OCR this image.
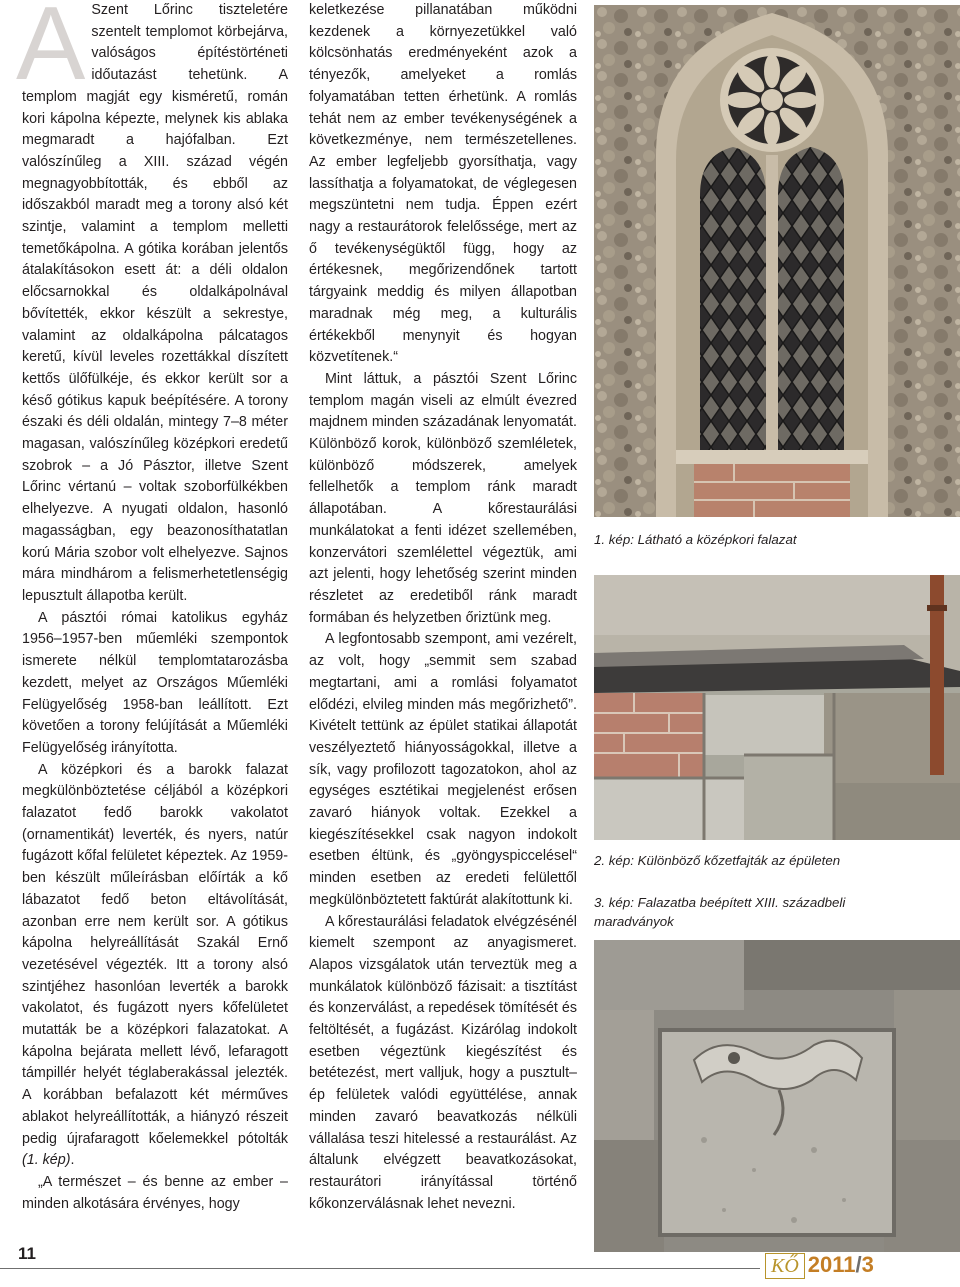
A Szent Lőrinc tiszteletére szentelt templomot körbejárva, valóságos építéstörténeti időutazást tehetünk. A templom magját egy kisméretű, román kori kápolna képezte, melynek kis ablaka megmaradt a hajófalban. Ezt valószínűleg a XIII. század végén megnagyobbították, és ebből az időszakból maradt meg a torony alsó két szintje, valamint a templom melletti temetőkápolna. A gótika korában jelentős átalakításokon esett át: a déli oldalon előcsarnokkal és oldalkápolnával bővítették, ekkor készült a sekrestye, valamint az oldalkápolna pálcatagos keretű, kívül leveles rozettákkal díszített kettős ülőfülkéje, és ekkor került sor a késő gótikus kapuk beépítésére. A torony északi és déli oldalán, mintegy 7–8 méter magasan, valószínűleg középkori eredetű szobrok – a Jó Pásztor, illetve Szent Lőrinc vértanú – voltak szoborfülkékben elhelyezve. A nyugati oldalon, hasonló magasságban, egy beazonosíthatatlan korú Mária szobor volt elhelyezve. Sajnos mára mindhárom a felismerhetetlenségig lepusztult állapotba került.

A pásztói római katolikus egyház 1956–1957-ben műemléki szempontok ismerete nélkül templomtatarozásba kezdett, melyet az Országos Műemléki Felügyelőség 1958-ban leállított. Ezt követően a torony felújítását a Műemléki Felügyelőség irányította.

A középkori és a barokk falazat megkülönböztetése céljából a középkori falazatot fedő barokk vakolatot (ornamentikát) leverték, és nyers, natúr fugázott kőfal felületet képeztek. Az 1959-ben készült műleírásban előírták a kő lábazatot fedő beton eltávolítását, azonban erre nem került sor. A gótikus kápolna helyreállítását Szakál Ernő vezetésével végezték. Itt a torony alsó szintjéhez hasonlóan leverték a barokk vakolatot, és fugázott nyers kőfelületet mutatták be a középkori falazatokat. A kápolna bejárata mellett lévő, lefaragott támpillér helyét téglaberakással jelezték. A korábban befalazott két mérműves ablakot helyreállították, a hiányzó részeit pedig újrafaragott kőelemekkel pótolták (1. kép).

„A természet – és benne az ember – minden alkotására érvényes, hogy

keletkezése pillanatában működni kezdenek a környezetükkel való kölcsönhatás eredményeként azok a tényezők, amelyeket a romlás folyamatában tetten érhetünk. A romlás tehát nem az ember tevékenységének a következménye, nem természetellenes. Az ember legfeljebb gyorsíthatja, vagy lassíthatja a folyamatokat, de véglegesen megszüntetni nem tudja. Éppen ezért nagy a restaurátorok felelőssége, mert az ő tevékenységüktől függ, hogy az értékesnek, megőrizendőnek tartott tárgyaink meddig és milyen állapotban maradnak még meg, a kulturális értékekből menynyit és hogyan közvetítenek.“

Mint láttuk, a pásztói Szent Lőrinc templom magán viseli az elmúlt évezred majdnem minden századának lenyomatát. Különböző korok, különböző szemléletek, különböző módszerek, amelyek fellelhetők a templom ránk maradt állapotában. A kőrestaurálási munkálatokat a fenti idézet szellemében, konzervátori szemlélettel végeztük, ami azt jelenti, hogy lehetőség szerint minden részletet az eredetiből ránk maradt formában és helyzetben őriztünk meg.

A legfontosabb szempont, ami vezérelt, az volt, hogy „semmit sem szabad megtartani, ami a romlási folyamatot elődézi, elvileg minden más megőrizhető”. Kivételt tettünk az épület statikai állapotát veszélyeztető hiányosságokkal, illetve a sík, vagy profilozott tagozatokon, ahol az egységes esztétikai megjelenést erősen zavaró hiányok voltak. Ezekkel a kiegészítésekkel csak nagyon indokolt esetben éltünk, és „gyöngyspiccelésel“ minden esetben az eredeti felülettől megkülönböztetett faktúrát alakítottunk ki.

A kőrestaurálási feladatok elvégzésénél kiemelt szempont az anyagismeret. Alapos vizsgálatok után terveztük meg a munkálatok különböző fázisait: a tisztítást és konzerválást, a repedések tömítését és feltöltését, a fugázást. Kizárólag indokolt esetben végeztünk kiegészítést és betétezést, mert valljuk, hogy a pusztult–ép felületek valódi együttélése, annak minden zavaró beavatkozás nélküli vállalása teszi hitelessé a restaurálást. Az általunk elvégzett beavatkozásokat, restaurátori irányítással történő kőkonzerválásnak lehet nevezni.

1. kép: Látható a középkori falazat
2. kép: Különböző kőzetfajták az épületen
3. kép: Falazatba beépített XIII. századbeli maradványok
11
KŐ 2011/3
